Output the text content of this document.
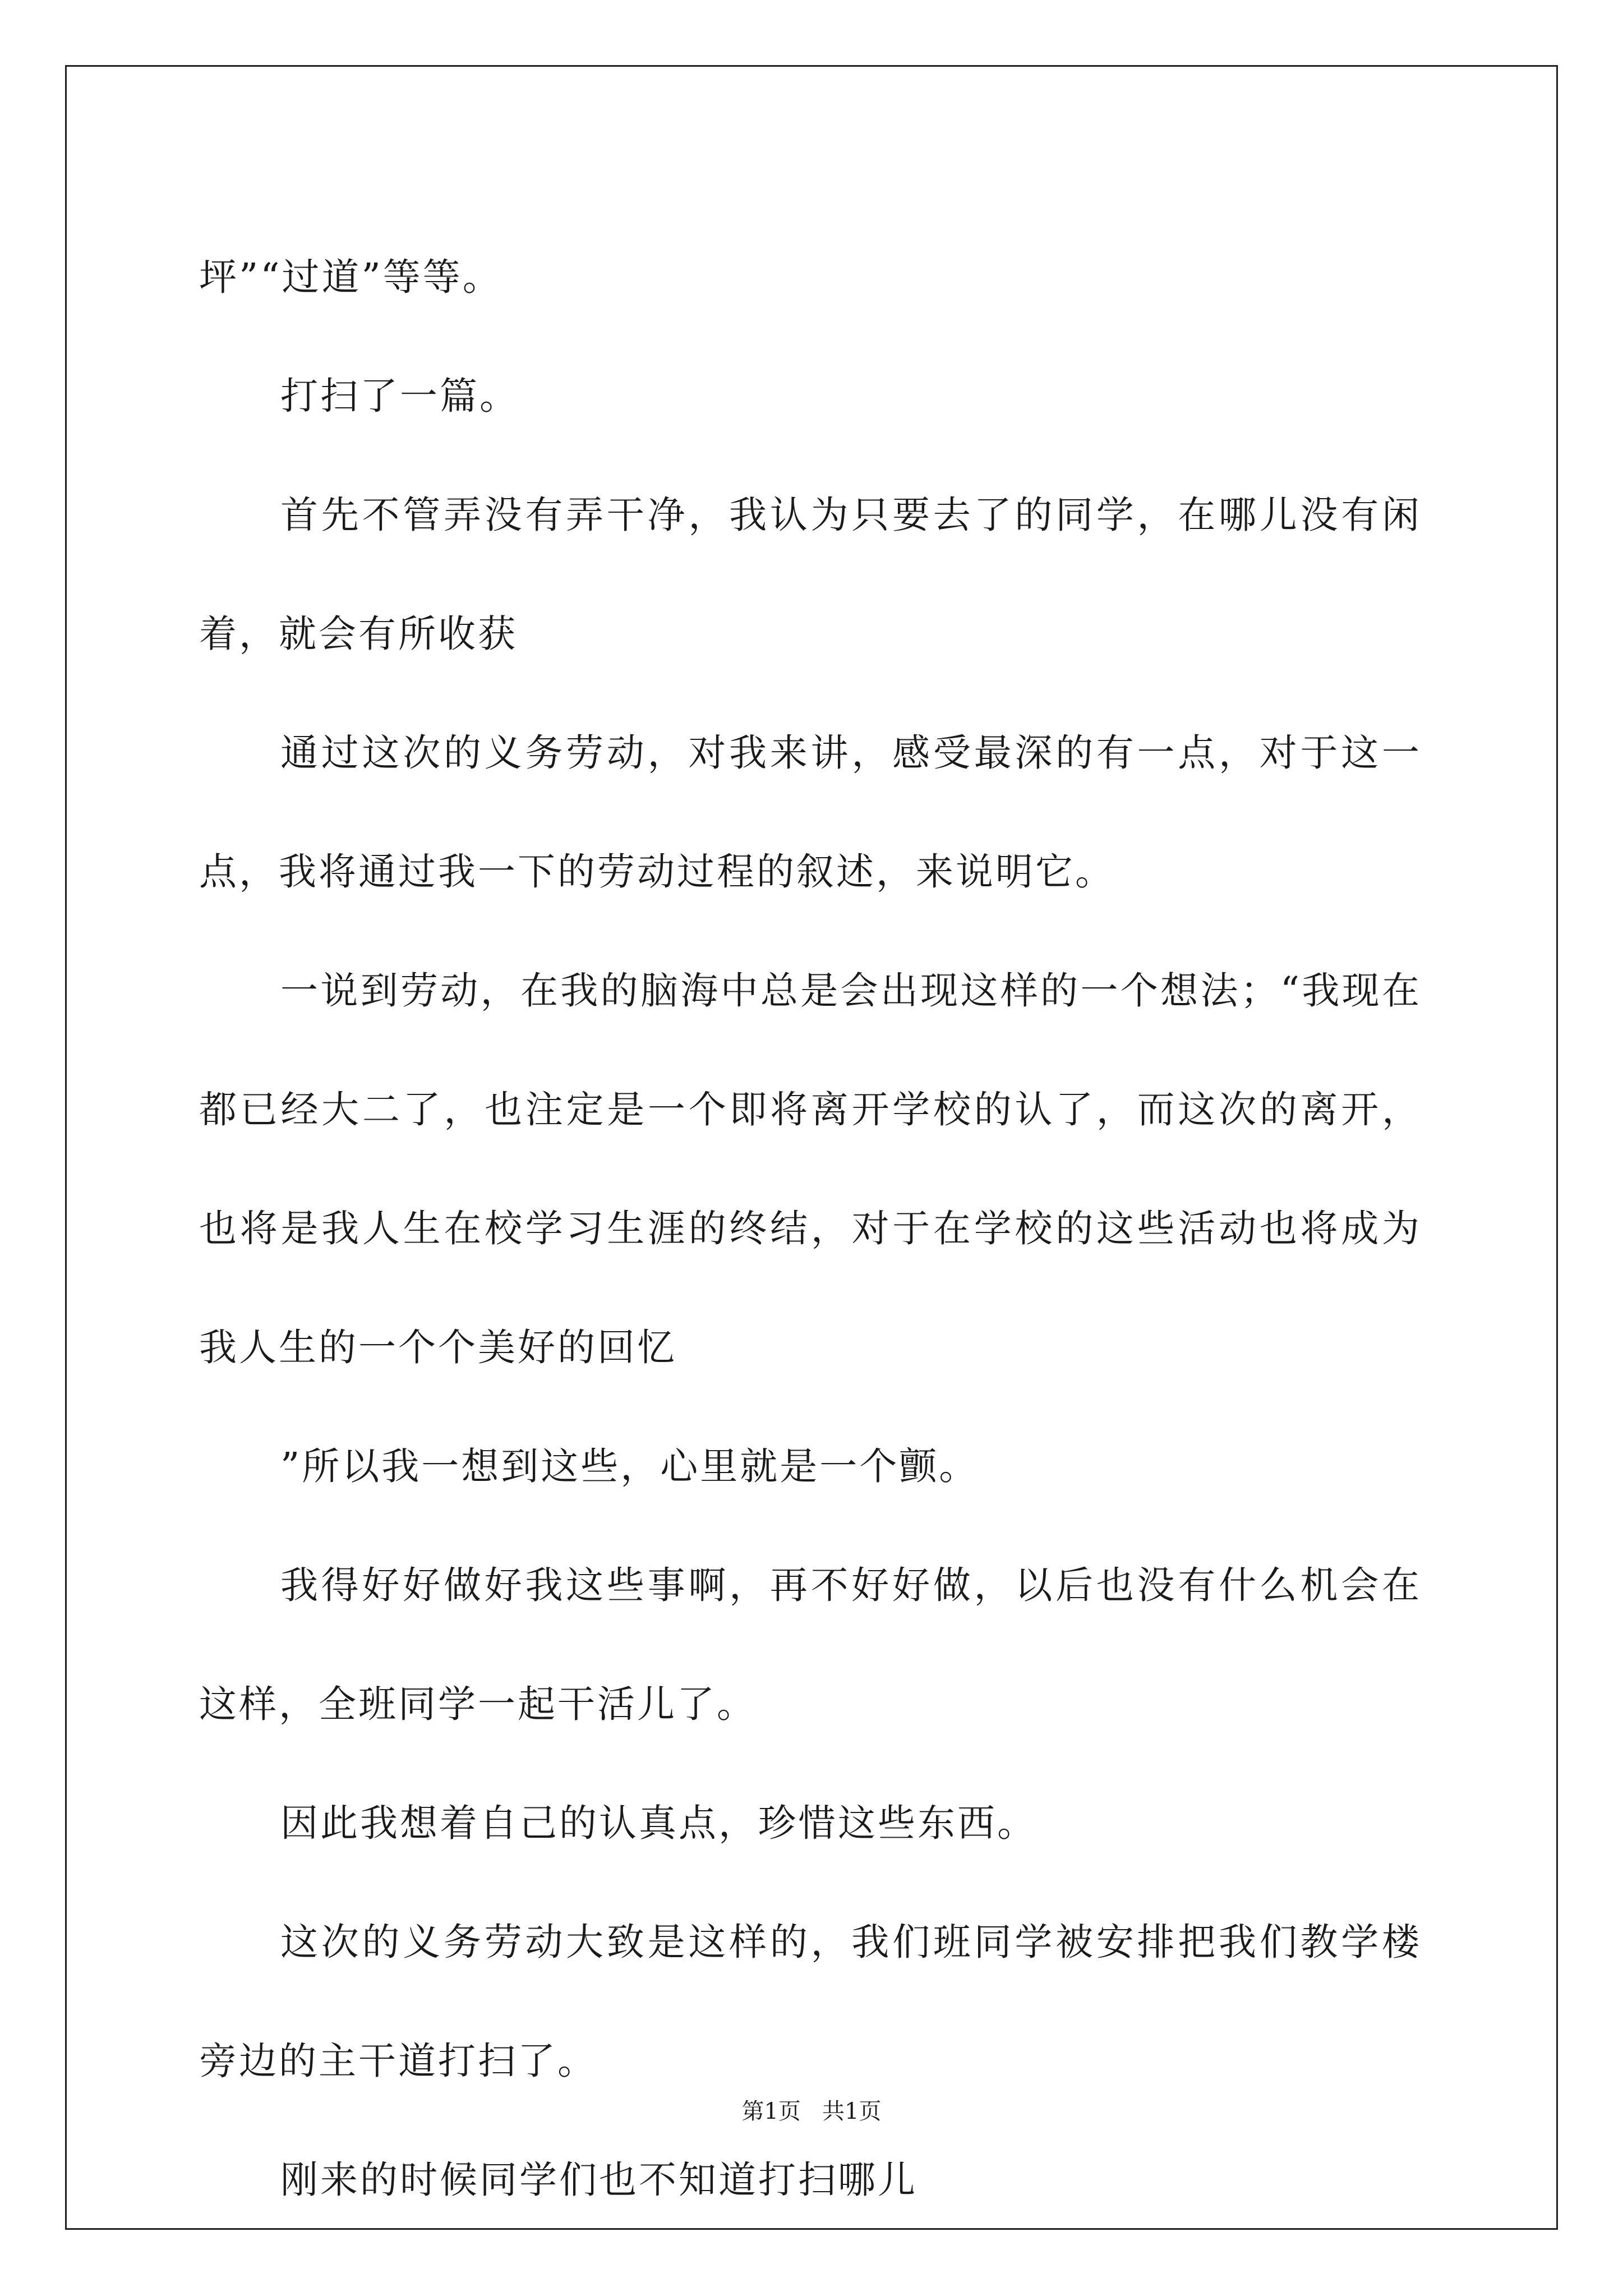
坪”“过道”等等。

打扫了一篇。

首先不管弄没有弄干净，我认为只要去了的同学，在哪儿没有闲着，就会有所收获

通过这次的义务劳动，对我来讲，感受最深的有一点，对于这一点，我将通过我一下的劳动过程的叙述，来说明它。

一说到劳动，在我的脑海中总是会出现这样的一个想法；“我现在都已经大二了，也注定是一个即将离开学校的认了，而这次的离开，也将是我人生在校学习生涯的终结，对于在学校的这些活动也将成为我人生的一个个美好的回忆

”所以我一想到这些，心里就是一个颤。

我得好好做好我这些事啊，再不好好做，以后也没有什么机会在这样，全班同学一起干活儿了。

因此我想着自己的认真点，珍惜这些东西。

这次的义务劳动大致是这样的，我们班同学被安排把我们教学楼旁边的主干道打扫了。

刚来的时候同学们也不知道打扫哪儿

第1页   共1页
